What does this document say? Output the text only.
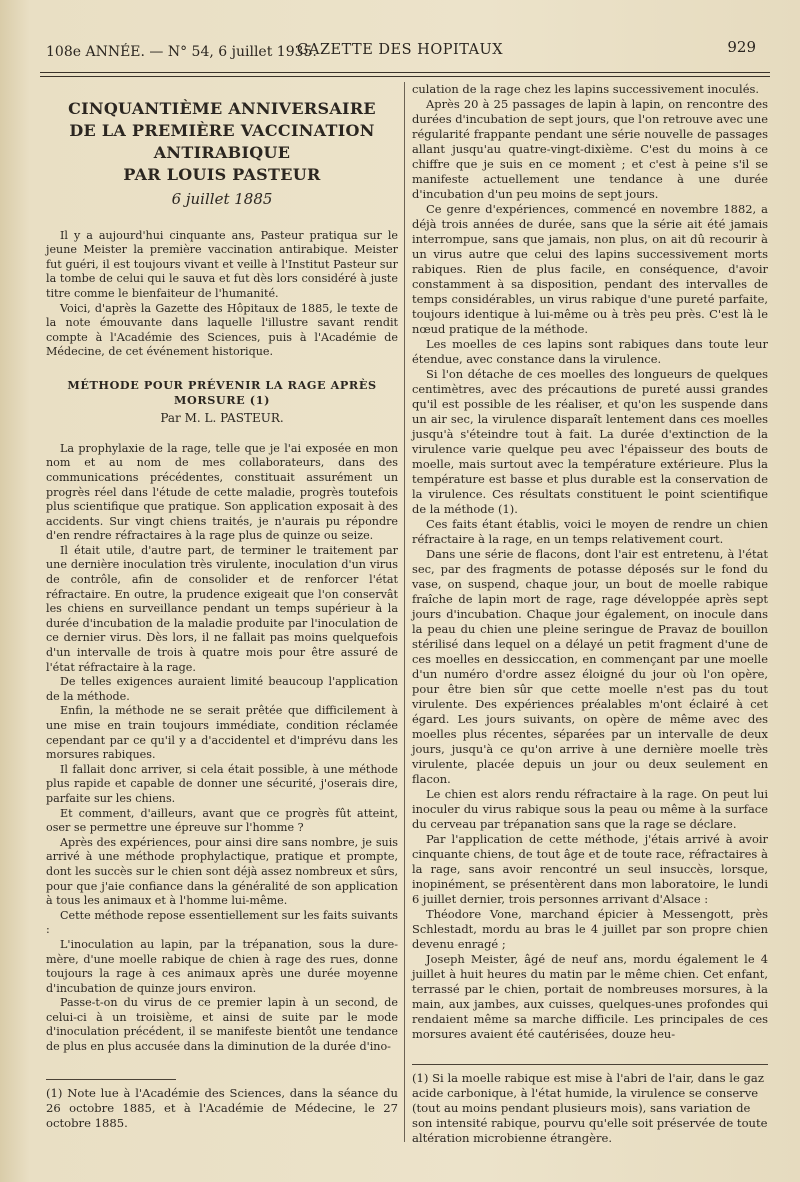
108e ANNÉE. — N° 54, 6 juillet 1935.
GAZETTE DES HOPITAUX	929
CINQUANTIÈME ANNIVERSAIRE
DE LA PREMIÈRE VACCINATION ANTIRABIQUE
PAR LOUIS PASTEUR
6 juillet 1885

Il y a aujourd'hui cinquante ans, Pasteur pratiqua sur le jeune Meister la première vaccination antirabique. Meister fut guéri, il est toujours vivant et veille à l'Institut Pasteur sur la tombe de celui qui le sauva et fut dès lors considéré à juste titre comme le bienfaiteur de l'humanité.

Voici, d'après la Gazette des Hôpitaux de 1885, le texte de la note émouvante dans laquelle l'illustre savant rendit compte à l'Académie des Sciences, puis à l'Académie de Médecine, de cet événement historique.

MÉTHODE POUR PRÉVENIR LA RAGE APRÈS MORSURE (1)
Par M. L. PASTEUR.

La prophylaxie de la rage, telle que je l'ai exposée en mon nom et au nom de mes collaborateurs, dans des communications précédentes, constituait assurément un progrès réel dans l'étude de cette maladie, progrès toutefois plus scientifique que pratique. Son application exposait à des accidents. Sur vingt chiens traités, je n'aurais pu répondre d'en rendre réfractaires à la rage plus de quinze ou seize.

Il était utile, d'autre part, de terminer le traitement par une dernière inoculation très virulente, inoculation d'un virus de contrôle, afin de consolider et de renforcer l'état réfractaire. En outre, la prudence exigeait que l'on conservât les chiens en surveillance pendant un temps supérieur à la durée d'incubation de la maladie produite par l'inoculation de ce dernier virus. Dès lors, il ne fallait pas moins quelquefois d'un intervalle de trois à quatre mois pour être assuré de l'état réfractaire à la rage.

De telles exigences auraient limité beaucoup l'application de la méthode.

Enfin, la méthode ne se serait prêtée que difficilement à une mise en train toujours immédiate, condition réclamée cependant par ce qu'il y a d'accidentel et d'imprévu dans les morsures rabiques.

Il fallait donc arriver, si cela était possible, à une méthode plus rapide et capable de donner une sécurité, j'oserais dire, parfaite sur les chiens.

Et comment, d'ailleurs, avant que ce progrès fût atteint, oser se permettre une épreuve sur l'homme ?

Après des expériences, pour ainsi dire sans nombre, je suis arrivé à une méthode prophylactique, pratique et prompte, dont les succès sur le chien sont déjà assez nombreux et sûrs, pour que j'aie confiance dans la généralité de son application à tous les animaux et à l'homme lui-même.

Cette méthode repose essentiellement sur les faits suivants :

L'inoculation au lapin, par la trépanation, sous la dure-mère, d'une moelle rabique de chien à rage des rues, donne toujours la rage à ces animaux après une durée moyenne d'incubation de quinze jours environ.

Passe-t-on du virus de ce premier lapin à un second, de celui-ci à un troisième, et ainsi de suite par le mode d'inoculation précédent, il se manifeste bientôt une tendance de plus en plus accusée dans la diminution de la durée d'ino-

(1) Note lue à l'Académie des Sciences, dans la séance du 26 octobre 1885, et à l'Académie de Médecine, le 27 octobre 1885.

culation de la rage chez les lapins successivement inoculés.

Après 20 à 25 passages de lapin à lapin, on rencontre des durées d'incubation de sept jours, que l'on retrouve avec une régularité frappante pendant une série nouvelle de passages allant jusqu'au quatre-vingt-dixième. C'est du moins à ce chiffre que je suis en ce moment ; et c'est à peine s'il se manifeste actuellement une tendance à une durée d'incubation d'un peu moins de sept jours.

Ce genre d'expériences, commencé en novembre 1882, a déjà trois années de durée, sans que la série ait été jamais interrompue, sans que jamais, non plus, on ait dû recourir à un virus autre que celui des lapins successivement morts rabiques. Rien de plus facile, en conséquence, d'avoir constamment à sa disposition, pendant des intervalles de temps considérables, un virus rabique d'une pureté parfaite, toujours identique à lui-même ou à très peu près. C'est là le nœud pratique de la méthode.

Les moelles de ces lapins sont rabiques dans toute leur étendue, avec constance dans la virulence.

Si l'on détache de ces moelles des longueurs de quelques centimètres, avec des précautions de pureté aussi grandes qu'il est possible de les réaliser, et qu'on les suspende dans un air sec, la virulence disparaît lentement dans ces moelles jusqu'à s'éteindre tout à fait. La durée d'extinction de la virulence varie quelque peu avec l'épaisseur des bouts de moelle, mais surtout avec la température extérieure. Plus la température est basse et plus durable est la conservation de la virulence. Ces résultats constituent le point scientifique de la méthode (1).

Ces faits étant établis, voici le moyen de rendre un chien réfractaire à la rage, en un temps relativement court.

Dans une série de flacons, dont l'air est entretenu, à l'état sec, par des fragments de potasse déposés sur le fond du vase, on suspend, chaque jour, un bout de moelle rabique fraîche de lapin mort de rage, rage développée après sept jours d'incubation. Chaque jour également, on inocule dans la peau du chien une pleine seringue de Pravaz de bouillon stérilisé dans lequel on a délayé un petit fragment d'une de ces moelles en dessiccation, en commençant par une moelle d'un numéro d'ordre assez éloigné du jour où l'on opère, pour être bien sûr que cette moelle n'est pas du tout virulente. Des expériences préalables m'ont éclairé à cet égard. Les jours suivants, on opère de même avec des moelles plus récentes, séparées par un intervalle de deux jours, jusqu'à ce qu'on arrive à une dernière moelle très virulente, placée depuis un jour ou deux seulement en flacon.

Le chien est alors rendu réfractaire à la rage. On peut lui inoculer du virus rabique sous la peau ou même à la surface du cerveau par trépanation sans que la rage se déclare.

Par l'application de cette méthode, j'étais arrivé à avoir cinquante chiens, de tout âge et de toute race, réfractaires à la rage, sans avoir rencontré un seul insuccès, lorsque, inopinément, se présentèrent dans mon laboratoire, le lundi 6 juillet dernier, trois personnes arrivant d'Alsace :

Théodore Vone, marchand épicier à Messengott, près Schlestadt, mordu au bras le 4 juillet par son propre chien devenu enragé ;

Joseph Meister, âgé de neuf ans, mordu également le 4 juillet à huit heures du matin par le même chien. Cet enfant, terrassé par le chien, portait de nombreuses morsures, à la main, aux jambes, aux cuisses, quelques-unes profondes qui rendaient même sa marche difficile. Les principales de ces morsures avaient été cautérisées, douze heu-

(1) Si la moelle rabique est mise à l'abri de l'air, dans le gaz acide carbonique, à l'état humide, la virulence se conserve (tout au moins pendant plusieurs mois), sans variation de son intensité rabique, pourvu qu'elle soit préservée de toute altération microbienne étrangère.
